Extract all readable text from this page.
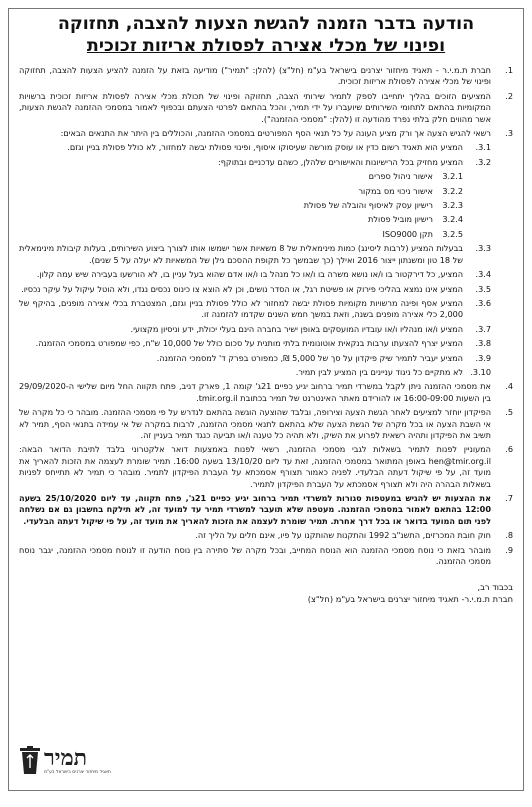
הודעה בדבר הזמנה להגשת הצעות להצבה, תחזוקה
ופינוי של מכלי אצירה לפסולת אריזות זכוכית
1.
חברת ת.מ.י.ר - תאגיד מיחזור יצרנים בישראל בע"מ (חל"צ) (להלן: "תמיר") מודיעה בזאת על הזמנה להציע הצעות להצבה, תחזוקה ופינוי של מכלי אצירה לפסולת אריזות זכוכית.
2.
המציעים הזוכים בהליך יתחייבו לספק לתמיר שירותי הצבה, תחזוקה ופינוי של תכולת מכלי אצירה לפסולת אריזות זכוכית ברשויות המקומיות בהתאם לתחומי השירותים שיועברו על ידי תמיר, והכל בהתאם לפרטי הצעתם ובכפוף לאמור במסמכי ההזמנה להגשת הצעות, אשר מהווים חלק בלתי נפרד מהודעה זו (להלן: "מסמכי ההזמנה").
3.
רשאי להגיש הצעה אך ורק מציע העונה על כל תנאי הסף המפורטים במסמכי ההזמנה, והכוללים בין היתר את התנאים הבאים:
3.1.
המציע הוא תאגיד רשום כדין או עוסק מורשה שעיסוקו איסוף, ופינוי פסולת יבשה למחזור, לא כולל פסולת בניין וגזם.
3.2.
המציע מחזיק בכל הרישיונות והאישורים שלהלן, כשהם עדכניים ובתוקף:
3.2.1
אישור ניהול ספרים
3.2.2
אישור ניכוי מס במקור
3.2.3
רישיון עסק לאיסוף והובלה של פסולת
3.2.4
רישיון מוביל פסולת
3.2.5
תקן ISO9000
3.3.
בבעלות המציע (לרבות ליסינג) כמות מינימאלית של 8 משאיות אשר ישמשו אותו לצורך ביצוע השירותים, בעלות קיבולת מינימאלית של 18 טון ומשנתון ייצור 2016 ואילך (כך שבמשך כל תקופת ההסכם גילן של המשאיות לא יעלה על 5 שנים).
3.4.
המציע, כל דירקטור בו ו/או נושא משרה בו ו/או כל מנהל בו ו/או אדם שהוא בעל עניין בו, לא הורשעו בעבירה שיש עמה קלון.
3.5.
המציע אינו נמצא בהליכי פירוק או פשיטת רגל, או הסדר נושים, וכן לא הוצא צו כינוס נכסים נגדו, ולא הוטל עיקול על עיקר נכסיו.
3.6.
המציע אסף ופינה מרשויות מקומיות פסולת יבשה למחזור לא כולל פסולת בניין וגזם, המצטברת בכלי אצירה מופנים, בהיקף של 2,000 כלי אצירה מופנים בשנה, וזאת במשך חמש השנים שקדמו להזמנה זו.
3.7.
המציע ו/או מנהליו ו/או עובדיו המועסקים באופן ישיר בחברה הינם בעלי יכולת, ידע וניסיון מקצועי.
3.8.
המציע יצרף להצעתו ערבות בנקאית אוטונומית בלתי מותנית על סכום כולל של 10,000 ש"ח, כפי שמפורט במסמכי ההזמנה.
3.9.
המציע יעביר לתמיר שיק פיקדון על סך של 5,000 ₪, כמפורט בפרק ד' למסמכי ההזמנה.
3.10.
לא מתקיים כל ניגוד עניינים בין המציע לבין תמיר.
4.
את מסמכי ההזמנה ניתן לקבל במשרדי תמיר ברחוב יגיע כפיים 21ג' קומה 1, פארק דניב, פתח תקווה החל מיום שלישי ה-29/09/2020 בין השעות 16:00-09:00 או להורידם מאתר האינטרנט של תמיר בכתובת tmir.org.il.
5.
הפיקדון יוחזר למציעים לאחר הגשת הצעה וצירופה, ובלבד שהוצעה הוגשה בהתאם לנדרש על פי מסמכי ההזמנה. מובהר כי כל מקרה של אי השבת הצעה או בכל מקרה של הגשת הצעה שלא בהתאם לתנאי מסמכי ההזמנה, לרבות במקרה של אי עמידה בתנאי הסף, תמיר לא תשיב את הפיקדון ותהיה רשאית לפרוע את השיק, ולא תהיה כל טענה ו/או תביעה כנגד תמיר בעניין זה.
6.
המעוניין לפנות לתמיר בשאלות לגבי מסמכי ההזמנה, רשאי לפנות באמצעות דואר אלקטרוני בלבד לתיבת הדואר הבאה: hen@tmir.org.il באופן המתואר במסמכי ההזמנה, זאת עד ליום 13/10/20 בשעה 16:00. תמיר שומרת לעצמה את הזכות להאריך את מועד זה, על פי שיקול דעתה הבלעדי. לפניה כאמור תצורף אסמכתא על העברת הפיקדון לתמיר. מובהר כי תמיר לא תתייחס לפניות בשאלות הבהרה היה ולא תצורף אסמכתא על העברת הפיקדון לתמיר.
7.
את ההצעות יש להגיש במעטפות סגורות למשרדי תמיר ברחוב יגיע כפיים 21ג', פתח תקווה, עד ליום 25/10/2020 בשעה 12:00 בהתאם לאמור במסמכי ההזמנה. מעטפה שלא תועבר למשרדי תמיר עד למועד זה, לא תילקח בחשבון גם אם נשלחה לפני תום המועד בדואר או בכל דרך אחרת. תמיר שומרת לעצמה את הזכות להאריך את מועד זה, על פי שיקול דעתה הבלעדי.
8.
חוק חובת המכרזים, התשנ"ב 1992 והתקנות שהותקנו על פיו, אינם חלים על הליך זה.
9.
מובהר בזאת כי נוסח מסמכי ההזמנה הוא הנוסח המחייב, ובכל מקרה של סתירה בין נוסח הודעה זו לנוסח מסמכי ההזמנה, יגבר נוסח מסמכי ההזמנה.
בכבוד רב,
חברת ת.מ.י.ר- תאגיד מיחזור יצרנים בישראל בע"מ (חל"צ)
תמיר
תאגיד מיחזור יצרנים בישראל בע"מ
